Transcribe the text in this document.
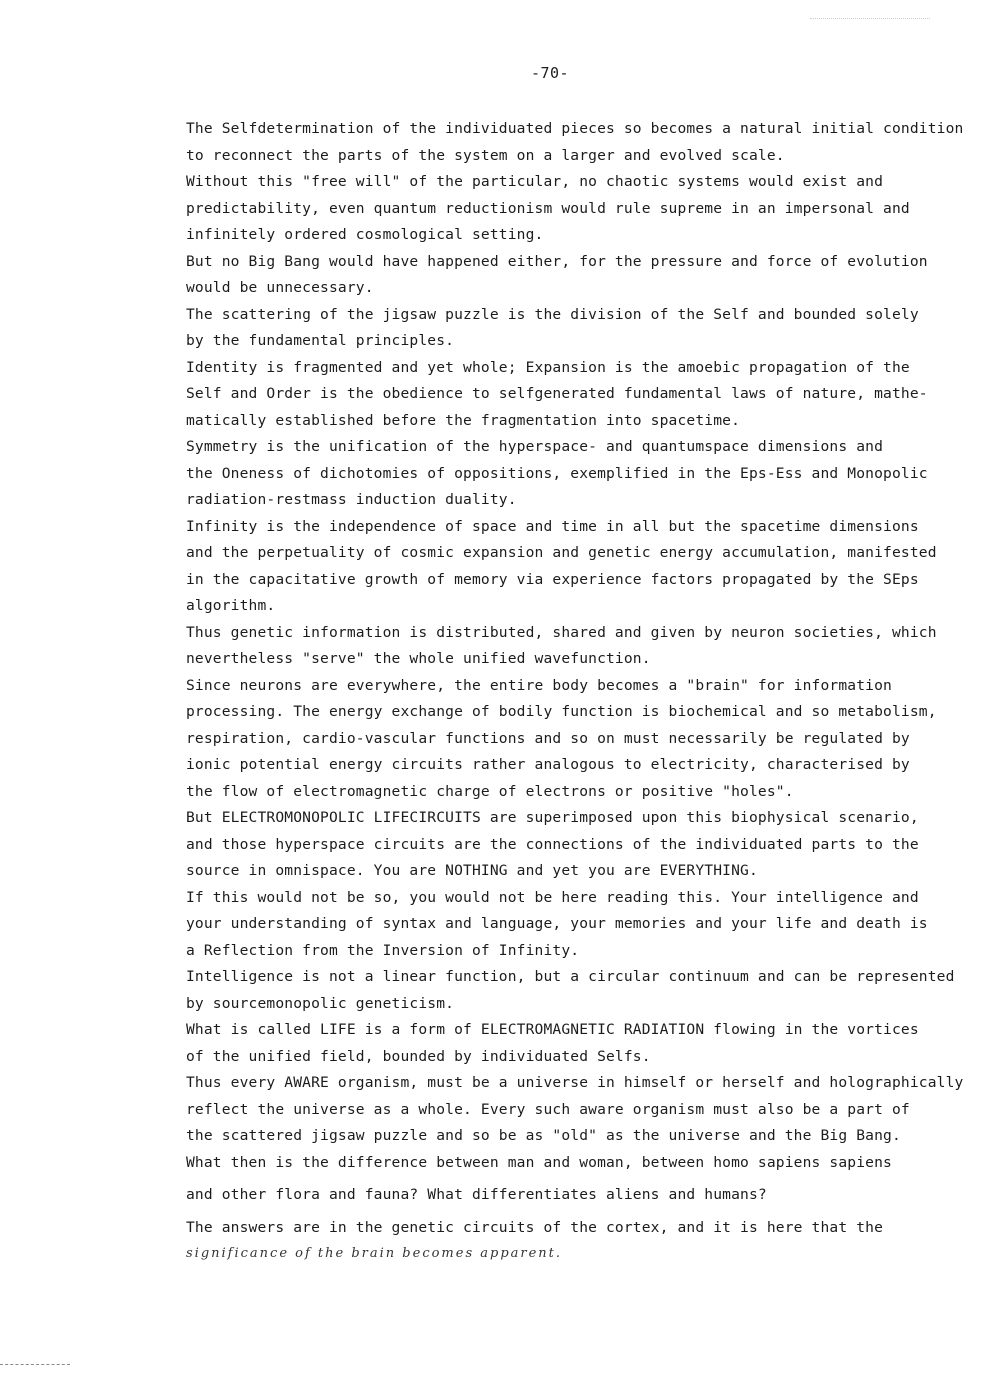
-70-
The Selfdetermination of the individuated pieces so becomes a natural initial condition
to reconnect the parts of the system on a larger and evolved scale.
Without this "free will" of the particular, no chaotic systems would exist and
predictability, even quantum reductionism would rule supreme in an impersonal and
infinitely ordered cosmological setting.
But no Big Bang would have happened either, for the pressure and force of evolution
would be unnecessary.
The scattering of the jigsaw puzzle is the division of the Self and bounded solely
by the fundamental principles.
Identity is fragmented and yet whole; Expansion is the amoebic propagation of the
Self and Order is the obedience to selfgenerated fundamental laws of nature, mathe-
matically established before the fragmentation into spacetime.
Symmetry is the unification of the hyperspace- and quantumspace dimensions and
the Oneness of dichotomies of oppositions, exemplified in the Eps-Ess and Monopolic
radiation-restmass induction duality.
Infinity is the independence of space and time in all but the spacetime dimensions
and the perpetuality of cosmic expansion and genetic energy accumulation, manifested
in the capacitative growth of memory via experience factors propagated by the SEps
algorithm.
Thus genetic information is distributed, shared and given by neuron societies, which
nevertheless "serve" the whole unified wavefunction.
Since neurons are everywhere, the entire body becomes a "brain" for information
processing. The energy exchange of bodily function is biochemical and so metabolism,
respiration, cardio-vascular functions and so on must necessarily be regulated by
ionic potential energy circuits rather analogous to electricity, characterised by
the flow of electromagnetic charge of electrons or positive "holes".
But ELECTROMONOPOLIC LIFECIRCUITS are superimposed upon this biophysical scenario,
and those hyperspace circuits are the connections of the individuated parts to the
source in omnispace. You are NOTHING and yet you are EVERYTHING.
If this would not be so, you would not be here reading this. Your intelligence and
your understanding of syntax and language, your memories and your life and death is
a Reflection from the Inversion of Infinity.
Intelligence is not a linear function, but a circular continuum and can be represented
by sourcemonopolic geneticism.
What is called LIFE is a form of ELECTROMAGNETIC RADIATION flowing in the vortices
of the unified field, bounded by individuated Selfs.
Thus every AWARE organism, must be a universe in himself or herself and holographically
reflect the universe as a whole. Every such aware organism must also be a part of
the scattered jigsaw puzzle and so be as "old" as the universe and the Big Bang.
What then is the difference between man and woman, between homo sapiens sapiens
and other flora and fauna? What differentiates aliens and humans?
The answers are in the genetic circuits of the cortex, and it is here that the
significance of the brain becomes apparent.
